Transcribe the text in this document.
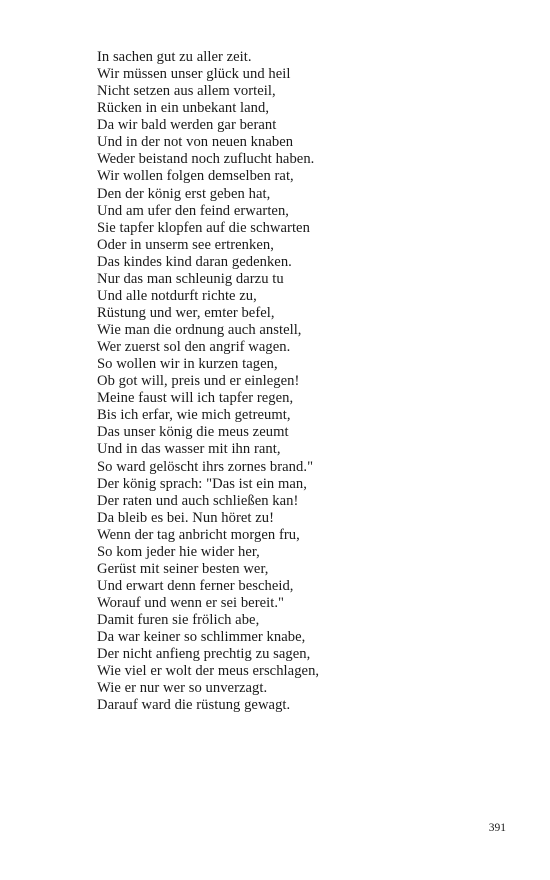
In sachen gut zu aller zeit.
Wir müssen unser glück und heil
Nicht setzen aus allem vorteil,
Rücken in ein unbekant land,
Da wir bald werden gar berant
Und in der not von neuen knaben
Weder beistand noch zuflucht haben.
Wir wollen folgen demselben rat,
Den der könig erst geben hat,
Und am ufer den feind erwarten,
Sie tapfer klopfen auf die schwarten
Oder in unserm see ertrenken,
Das kindes kind daran gedenken.
Nur das man schleunig darzu tu
Und alle notdurft richte zu,
Rüstung und wer, emter befel,
Wie man die ordnung auch anstell,
Wer zuerst sol den angrif wagen.
So wollen wir in kurzen tagen,
Ob got will, preis und er einlegen!
Meine faust will ich tapfer regen,
Bis ich erfar, wie mich getreumt,
Das unser könig die meus zeumt
Und in das wasser mit ihn rant,
So ward gelöscht ihrs zornes brand."
Der könig sprach: "Das ist ein man,
Der raten und auch schließen kan!
Da bleib es bei. Nun höret zu!
Wenn der tag anbricht morgen fru,
So kom jeder hie wider her,
Gerüst mit seiner besten wer,
Und erwart denn ferner bescheid,
Worauf und wenn er sei bereit."
Damit furen sie frölich abe,
Da war keiner so schlimmer knabe,
Der nicht anfieng prechtig zu sagen,
Wie viel er wolt der meus erschlagen,
Wie er nur wer so unverzagt.
Darauf ward die rüstung gewagt.
391
